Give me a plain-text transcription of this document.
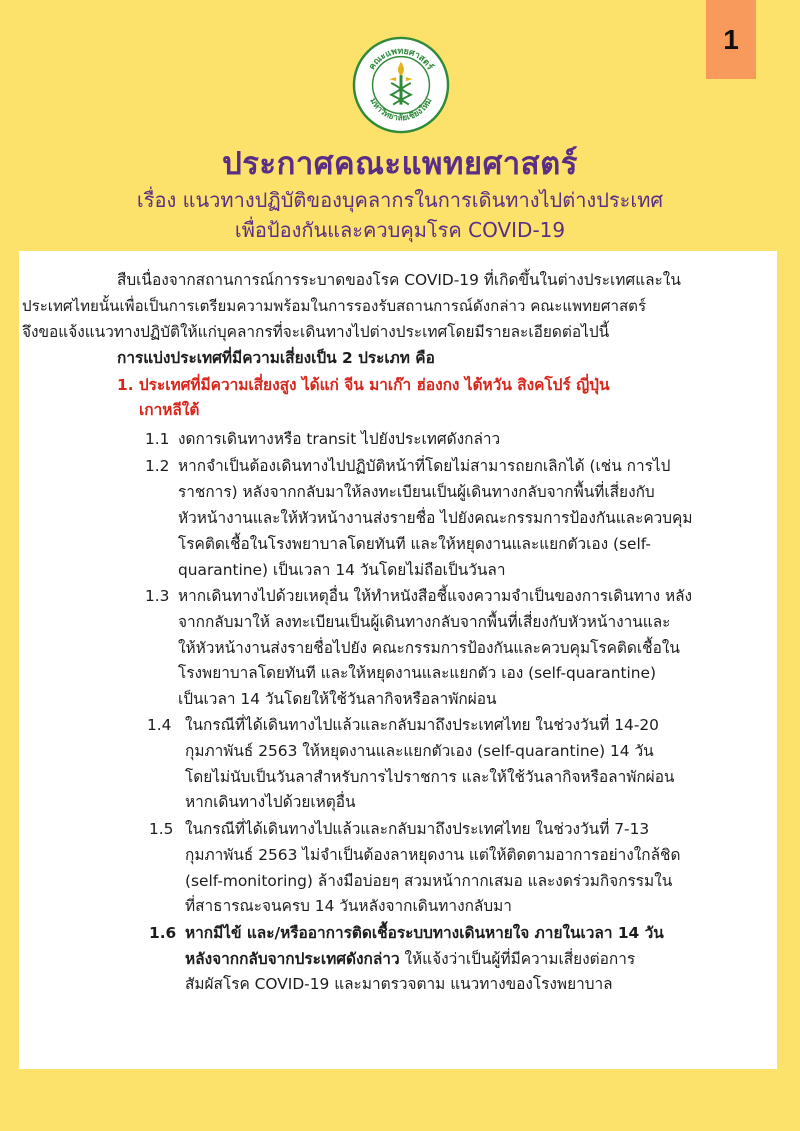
1
คณะแพทยศาสตร์
มหาวิทยาลัยเชียงใหม่
ประกาศคณะแพทยศาสตร์
เรื่อง แนวทางปฏิบัติของบุคลากรในการเดินทางไปต่างประเทศ
เพื่อป้องกันและควบคุมโรค COVID-19
สืบเนื่องจากสถานการณ์การระบาดของโรค COVID-19 ที่เกิดขึ้นในต่างประเทศและใน
ประเทศไทยนั้นเพื่อเป็นการเตรียมความพร้อมในการรองรับสถานการณ์ดังกล่าว คณะแพทยศาสตร์
จึงขอแจ้งแนวทางปฏิบัติให้แก่บุคลากรที่จะเดินทางไปต่างประเทศโดยมีรายละเอียดต่อไปนี้
การแบ่งประเทศที่มีความเสี่ยงเป็น 2 ประเภท คือ
1. ประเทศที่มีความเสี่ยงสูง ได้แก่ จีน มาเก๊า ฮ่องกง ไต้หวัน สิงคโปร์ ญี่ปุ่น
เกาหลีใต้
1.1 งดการเดินทางหรือ transit ไปยังประเทศดังกล่าว
1.2 หากจำเป็นต้องเดินทางไปปฏิบัติหน้าที่โดยไม่สามารถยกเลิกได้ (เช่น การไป
ราชการ) หลังจากกลับมาให้ลงทะเบียนเป็นผู้เดินทางกลับจากพื้นที่เสี่ยงกับ
หัวหน้างานและให้หัวหน้างานส่งรายชื่อ ไปยังคณะกรรมการป้องกันและควบคุม
โรคติดเชื้อในโรงพยาบาลโดยทันที และให้หยุดงานและแยกตัวเอง (self-
quarantine) เป็นเวลา 14 วันโดยไม่ถือเป็นวันลา
1.3 หากเดินทางไปด้วยเหตุอื่น ให้ทำหนังสือชี้แจงความจำเป็นของการเดินทาง หลัง
จากกลับมาให้ ลงทะเบียนเป็นผู้เดินทางกลับจากพื้นที่เสี่ยงกับหัวหน้างานและ
ให้หัวหน้างานส่งรายชื่อไปยัง คณะกรรมการป้องกันและควบคุมโรคติดเชื้อใน
โรงพยาบาลโดยทันที และให้หยุดงานและแยกตัว เอง (self-quarantine)
เป็นเวลา 14 วันโดยให้ใช้วันลากิจหรือลาพักผ่อน
1.4 ในกรณีที่ได้เดินทางไปแล้วและกลับมาถึงประเทศไทย ในช่วงวันที่ 14-20
กุมภาพันธ์ 2563 ให้หยุดงานและแยกตัวเอง (self-quarantine) 14 วัน
โดยไม่นับเป็นวันลาสำหรับการไปราชการ และให้ใช้วันลากิจหรือลาพักผ่อน
หากเดินทางไปด้วยเหตุอื่น
1.5 ในกรณีที่ได้เดินทางไปแล้วและกลับมาถึงประเทศไทย ในช่วงวันที่ 7-13
กุมภาพันธ์ 2563 ไม่จำเป็นต้องลาหยุดงาน แต่ให้ติดตามอาการอย่างใกล้ชิด
(self-monitoring) ล้างมือบ่อยๆ สวมหน้ากากเสมอ และงดร่วมกิจกรรมใน
ที่สาธารณะจนครบ 14 วันหลังจากเดินทางกลับมา
1.6 หากมีไข้ และ/หรืออาการติดเชื้อระบบทางเดินหายใจ ภายในเวลา 14 วัน
หลังจากกลับจากประเทศดังกล่าว ให้แจ้งว่าเป็นผู้ที่มีความเสี่ยงต่อการ
สัมผัสโรค COVID-19 และมาตรวจตาม แนวทางของโรงพยาบาล
